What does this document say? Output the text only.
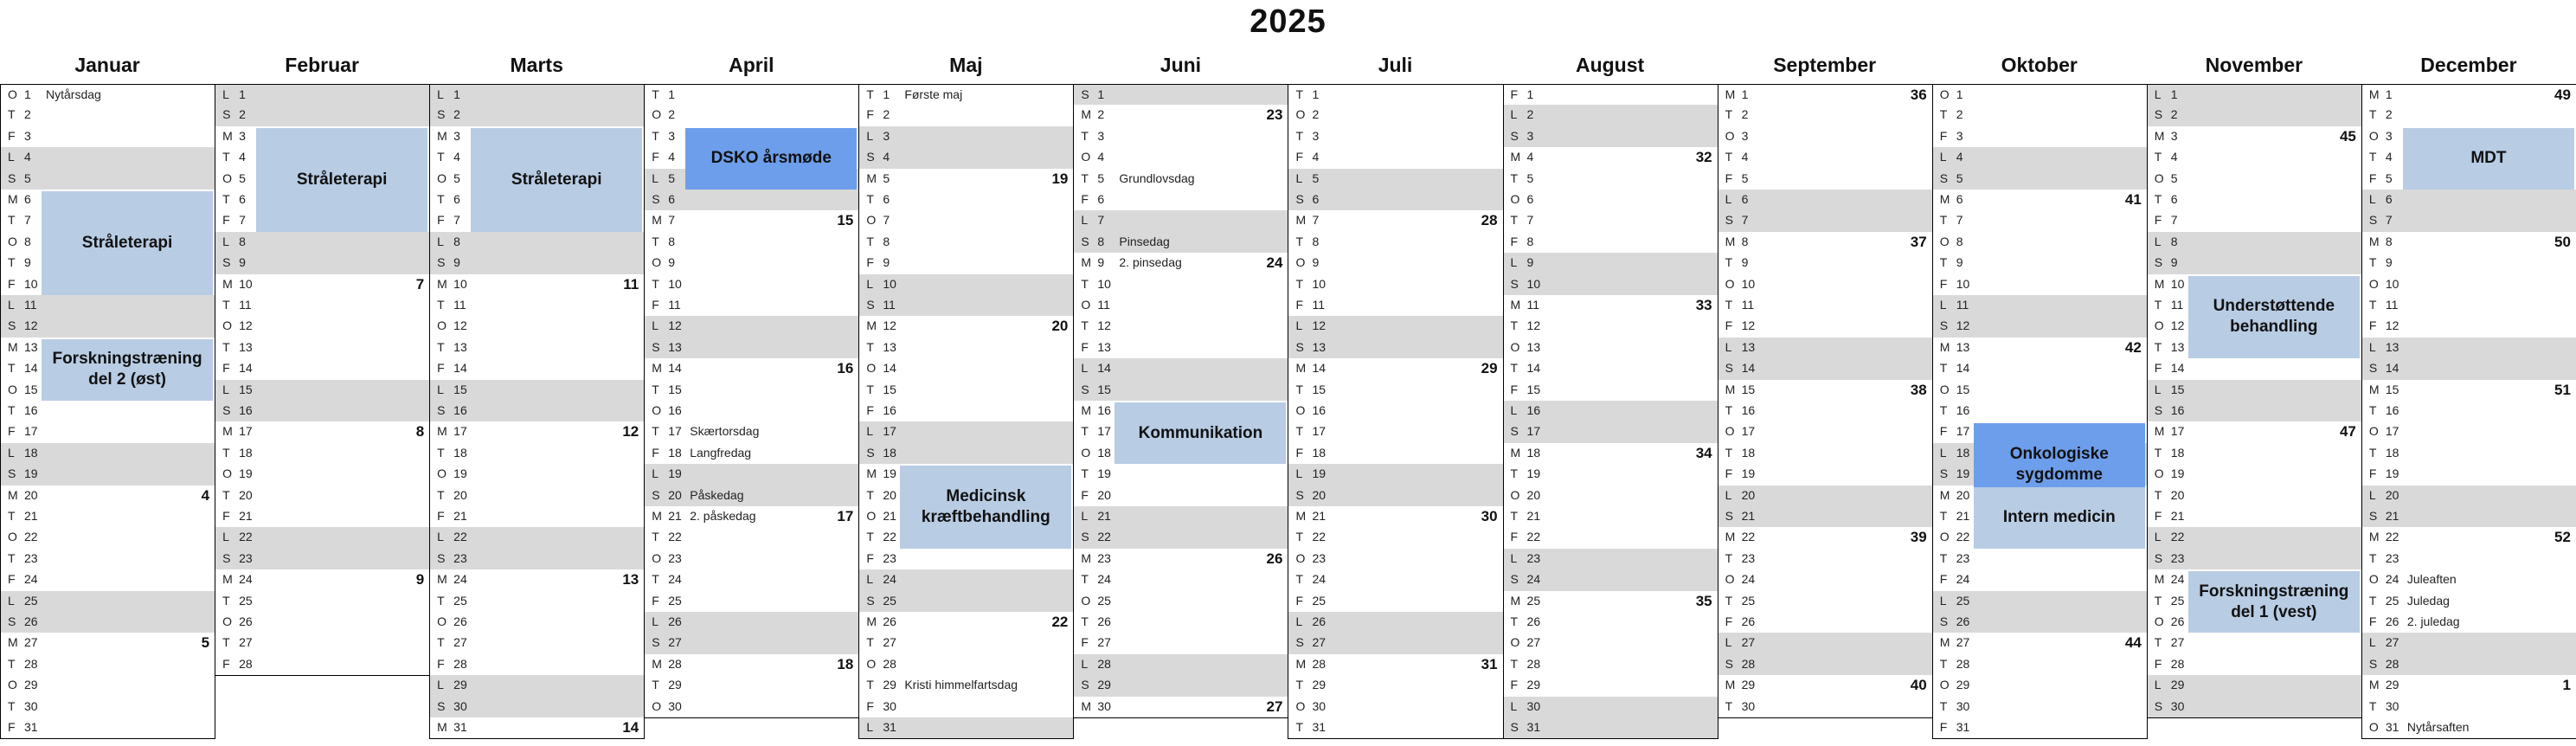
2025
Januar
O 1 Nytårsdag
T 2
F 3
L 4
S 5
M 6
T 7
O 8
T 9
F 10
L 11
S 12
M 13
T 14
O 15
T 16
F 17
L 18
S 19
M 20	4
T 21
O 22
T 23
F 24
L 25
S 26
M 27	5
T 28
O 29
T 30
F 31
Februar
L 1
S 2
M 3
T 4
O 5
T 6
F 7
L 8
S 9
M 10	7
T 11
O 12
T 13
F 14
L 15
S 16
M 17	8
T 18
O 19
T 20
F 21
L 22
S 23
M 24	9
T 25
O 26
T 27
F 28
Marts
L 1
S 2
M 3
T 4
O 5
T 6
F 7
L 8
S 9
M 10	11
T 11
O 12
T 13
F 14
L 15
S 16
M 17	12
T 18
O 19
T 20
F 21
L 22
S 23
M 24	13
T 25
O 26
T 27
F 28
L 29
S 30
M 31	14
April
T 1
O 2
T 3
F 4
L 5
S 6
M 7	15
T 8
O 9
T 10
F 11
L 12
S 13
M 14	16
T 15
O 16
T 17 Skærtorsdag
F 18 Langfredag
L 19
S 20 Påskedag
M 21 2. påskedag	17
T 22
O 23
T 24
F 25
L 26
S 27
M 28	18
T 29
O 30
Maj
T 1 Første maj
F 2
L 3
S 4
M 5	19
T 6
O 7
T 8
F 9
L 10
S 11
M 12	20
T 13
O 14
T 15
F 16
L 17
S 18
M 19
T 20
O 21
T 22
F 23
L 24
S 25
M 26	22
T 27
O 28
T 29 Kristi himmelfartsdag
F 30
L 31
Juni
S 1
M 2	23
T 3
O 4
T 5 Grundlovsdag
F 6
L 7
S 8 Pinsedag
M 9 2. pinsedag	24
T 10
O 11
T 12
F 13
L 14
S 15
M 16
T 17
O 18
T 19
F 20
L 21
S 22
M 23	26
T 24
O 25
T 26
F 27
L 28
S 29
M 30	27
Juli
T 1
O 2
T 3
F 4
L 5
S 6
M 7	28
T 8
O 9
T 10
F 11
L 12
S 13
M 14	29
T 15
O 16
T 17
F 18
L 19
S 20
M 21	30
T 22
O 23
T 24
F 25
L 26
S 27
M 28	31
T 29
O 30
T 31
August
F 1
L 2
S 3
M 4	32
T 5
O 6
T 7
F 8
L 9
S 10
M 11	33
T 12
O 13
T 14
F 15
L 16
S 17
M 18	34
T 19
O 20
T 21
F 22
L 23
S 24
M 25	35
T 26
O 27
T 28
F 29
L 30
S 31
September
M 1	36
T 2
O 3
T 4
F 5
L 6
S 7
M 8	37
T 9
O 10
T 11
F 12
L 13
S 14
M 15	38
T 16
O 17
T 18
F 19
L 20
S 21
M 22	39
T 23
O 24
T 25
F 26
L 27
S 28
M 29	40
T 30
Oktober
O 1
T 2
F 3
L 4
S 5
M 6	41
T 7
O 8
T 9
F 10
L 11
S 12
M 13	42
T 14
O 15
T 16
F 17
L 18
S 19
M 20
T 21
O 22
T 23
F 24
L 25
S 26
M 27	44
T 28
O 29
T 30
F 31
November
L 1
S 2
M 3	45
T 4
O 5
T 6
F 7
L 8
S 9
M 10
T 11
O 12
T 13
F 14
L 15
S 16
M 17	47
T 18
O 19
T 20
F 21
L 22
S 23
M 24
T 25
O 26
T 27
F 28
L 29
S 30
December
M 1	49
T 2
O 3
T 4
F 5
L 6
S 7
M 8	50
T 9
O 10
T 11
F 12
L 13
S 14
M 15	51
T 16
O 17
T 18
F 19
L 20
S 21
M 22	52
T 23
O 24 Juleaften
T 25 Juledag
F 26 2. juledag
L 27
S 28
M 29	1
T 30
O 31 Nytårsaften
Stråleterapi
Forskningstræning del 2 (øst)
Stråleterapi	Stråleterapi
DSKO årsmøde
Medicinsk kræftbehandling
Kommunikation
Onkologiske sygdomme
Intern medicin
Understøttende behandling
Forskningstræning del 1 (vest)
MDT
